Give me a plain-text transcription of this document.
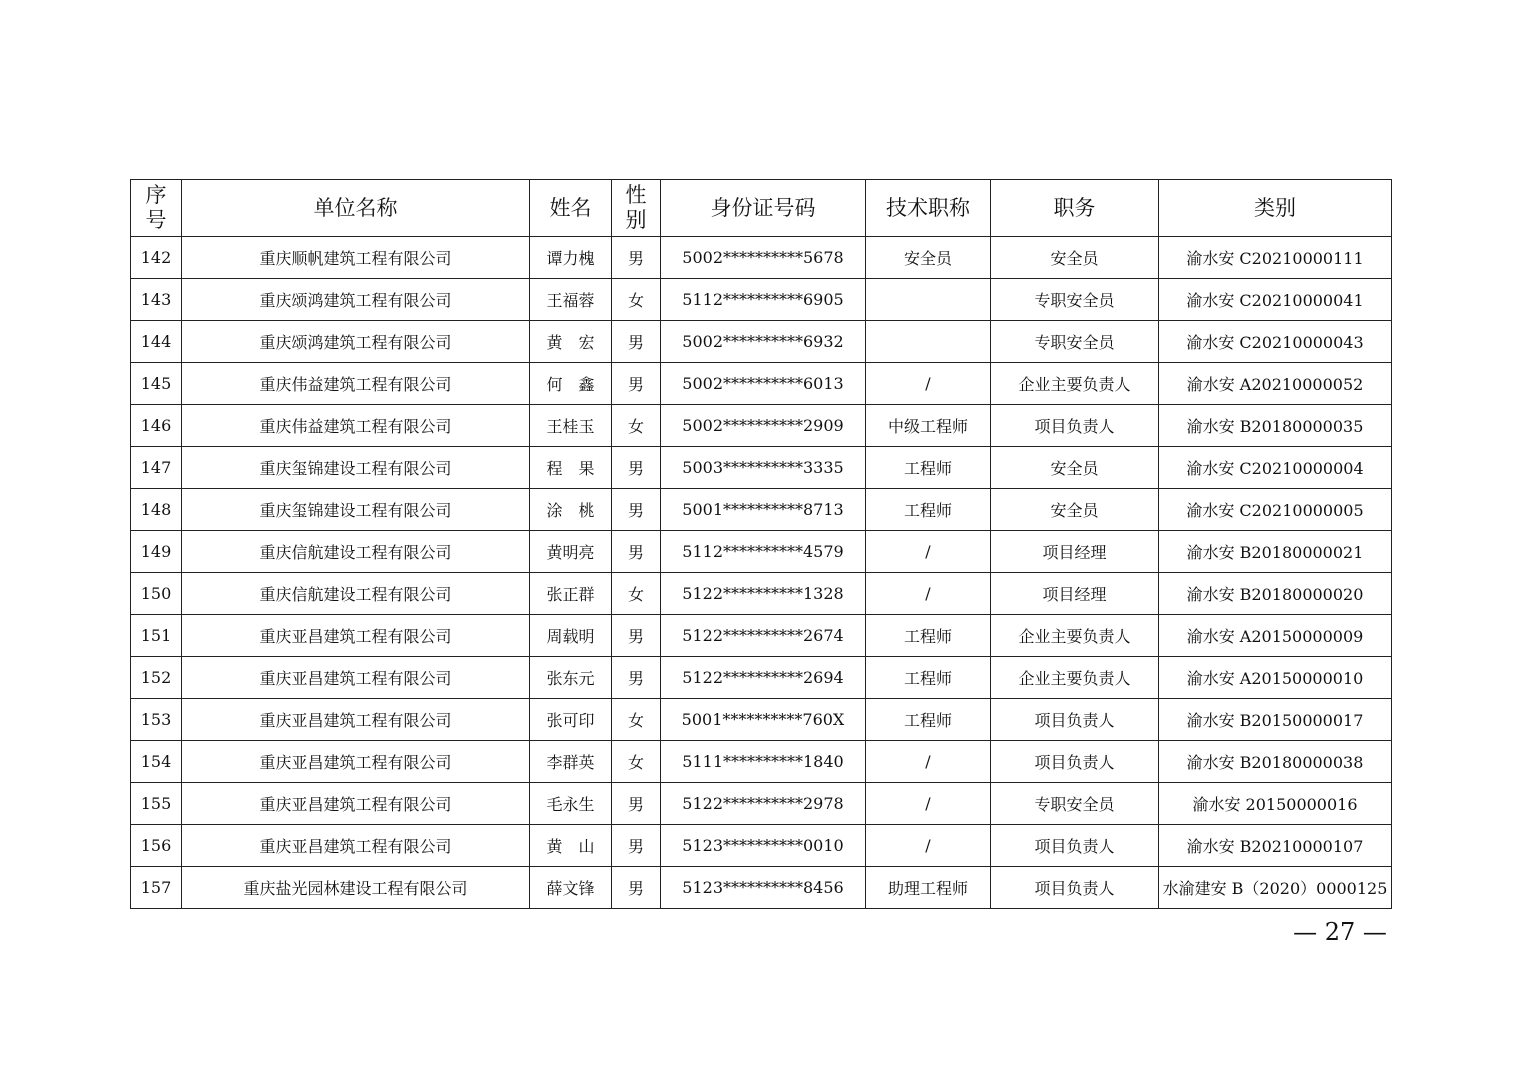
序号	单位名称	姓名	性别	身份证号码	技术职称	职务	类别
142	重庆顺帆建筑工程有限公司	谭力槐	男	5002**********5678	安全员	安全员	渝水安 C20210000111
143	重庆颂鸿建筑工程有限公司	王福蓉	女	5112**********6905		专职安全员	渝水安 C20210000041
144	重庆颂鸿建筑工程有限公司	黄　宏	男	5002**********6932		专职安全员	渝水安 C20210000043
145	重庆伟益建筑工程有限公司	何　鑫	男	5002**********6013	/	企业主要负责人	渝水安 A20210000052
146	重庆伟益建筑工程有限公司	王桂玉	女	5002**********2909	中级工程师	项目负责人	渝水安 B20180000035
147	重庆玺锦建设工程有限公司	程　果	男	5003**********3335	工程师	安全员	渝水安 C20210000004
148	重庆玺锦建设工程有限公司	涂　桃	男	5001**********8713	工程师	安全员	渝水安 C20210000005
149	重庆信航建设工程有限公司	黄明亮	男	5112**********4579	/	项目经理	渝水安 B20180000021
150	重庆信航建设工程有限公司	张正群	女	5122**********1328	/	项目经理	渝水安 B20180000020
151	重庆亚昌建筑工程有限公司	周载明	男	5122**********2674	工程师	企业主要负责人	渝水安 A20150000009
152	重庆亚昌建筑工程有限公司	张东元	男	5122**********2694	工程师	企业主要负责人	渝水安 A20150000010
153	重庆亚昌建筑工程有限公司	张可印	女	5001**********760X	工程师	项目负责人	渝水安 B20150000017
154	重庆亚昌建筑工程有限公司	李群英	女	5111**********1840	/	项目负责人	渝水安 B20180000038
155	重庆亚昌建筑工程有限公司	毛永生	男	5122**********2978	/	专职安全员	渝水安 20150000016
156	重庆亚昌建筑工程有限公司	黄　山	男	5123**********0010	/	项目负责人	渝水安 B20210000107
157	重庆盐光园林建设工程有限公司	薛文锋	男	5123**********8456	助理工程师	项目负责人	水渝建安 B（2020）0000125
— 27 —
